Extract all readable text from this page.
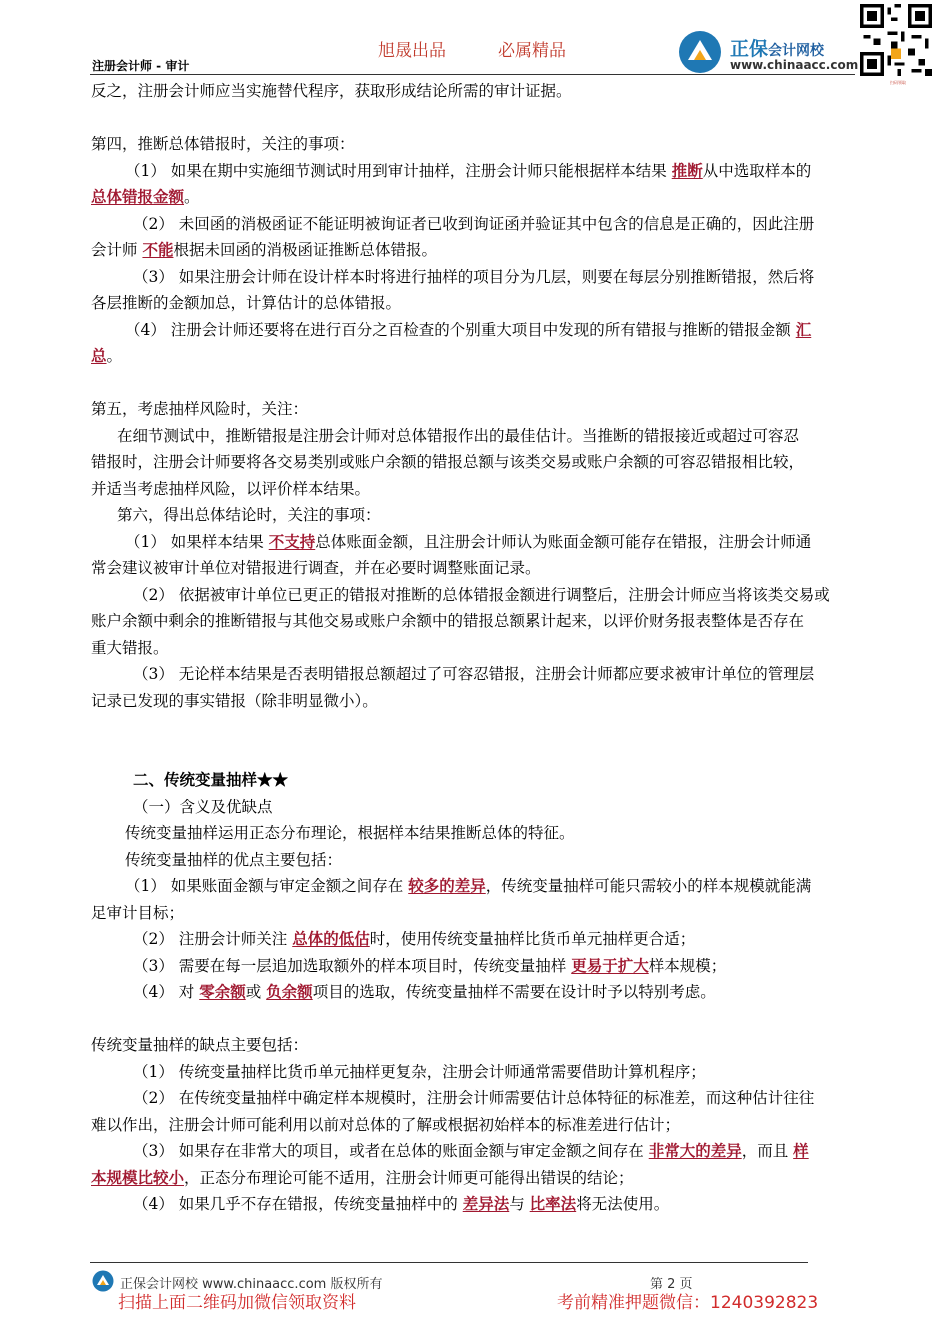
旭晟出品	必属精品
注册会计师 - 审计
正保会计网校
www.chinaacc.com
扫码领取
反之，注册会计师应当实施替代程序，获取形成结论所需的审计证据。
第四，推断总体错报时，关注的事项：
（1） 如果在期中实施细节测试时用到审计抽样，注册会计师只能根据样本结果 推断从中选取样本的
总体错报金额。
（2） 未回函的消极函证不能证明被询证者已收到询证函并验证其中包含的信息是正确的，因此注册
会计师 不能根据未回函的消极函证推断总体错报。
（3） 如果注册会计师在设计样本时将进行抽样的项目分为几层，则要在每层分别推断错报，然后将
各层推断的金额加总，计算估计的总体错报。
（4） 注册会计师还要将在进行百分之百检查的个别重大项目中发现的所有错报与推断的错报金额 汇
总。
第五，考虑抽样风险时，关注：
在细节测试中，推断错报是注册会计师对总体错报作出的最佳估计。当推断的错报接近或超过可容忍
错报时，注册会计师要将各交易类别或账户余额的错报总额与该类交易或账户余额的可容忍错报相比较，
并适当考虑抽样风险，以评价样本结果。
第六，得出总体结论时，关注的事项：
（1） 如果样本结果 不支持总体账面金额，且注册会计师认为账面金额可能存在错报，注册会计师通
常会建议被审计单位对错报进行调查，并在必要时调整账面记录。
（2） 依据被审计单位已更正的错报对推断的总体错报金额进行调整后，注册会计师应当将该类交易或
账户余额中剩余的推断错报与其他交易或账户余额中的错报总额累计起来，以评价财务报表整体是否存在
重大错报。
（3） 无论样本结果是否表明错报总额超过了可容忍错报，注册会计师都应要求被审计单位的管理层
记录已发现的事实错报（除非明显微小）。
二、传统变量抽样★★
（一）含义及优缺点
传统变量抽样运用正态分布理论，根据样本结果推断总体的特征。
传统变量抽样的优点主要包括：
（1） 如果账面金额与审定金额之间存在 较多的差异，传统变量抽样可能只需较小的样本规模就能满
足审计目标；
（2） 注册会计师关注 总体的低估时，使用传统变量抽样比货币单元抽样更合适；
（3） 需要在每一层追加选取额外的样本项目时，传统变量抽样 更易于扩大样本规模；
（4） 对 零余额或 负余额项目的选取，传统变量抽样不需要在设计时予以特别考虑。
传统变量抽样的缺点主要包括：
（1） 传统变量抽样比货币单元抽样更复杂，注册会计师通常需要借助计算机程序；
（2） 在传统变量抽样中确定样本规模时，注册会计师需要估计总体特征的标准差，而这种估计往往
难以作出，注册会计师可能利用以前对总体的了解或根据初始样本的标准差进行估计；
（3） 如果存在非常大的项目，或者在总体的账面金额与审定金额之间存在 非常大的差异，而且 样
本规模比较小，正态分布理论可能不适用，注册会计师更可能得出错误的结论；
（4） 如果几乎不存在错报，传统变量抽样中的 差异法与 比率法将无法使用。
正保会计网校 www.chinaacc.com 版权所有	第 2 页
扫描上面二维码加微信领取资料	考前精准押题微信：1240392823
